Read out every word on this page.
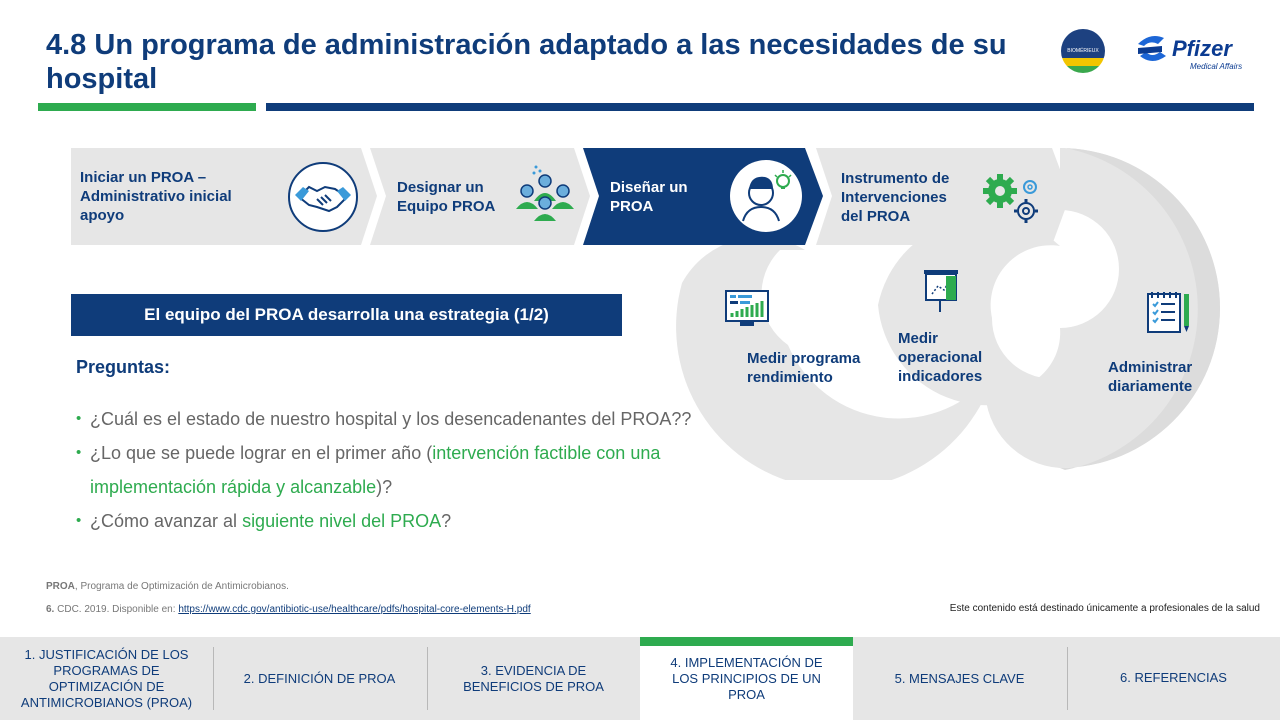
4.8 Un programa de administración adaptado a las necesidades de su hospital
BIOMÉRIEUX	Pfizer
Medical Affairs
Iniciar un PROA – Administrativo inicial apoyo
Designar un Equipo PROA
Diseñar un PROA
Instrumento de Intervenciones del PROA
Medir programa rendimiento
Medir operacional indicadores
Administrar diariamente
El equipo del PROA desarrolla una estrategia (1/2)
Preguntas:
• ¿Cuál es el estado de nuestro hospital y los desencadenantes del PROA??
• ¿Lo que se puede lograr en el primer año (intervención factible con una implementación rápida y alcanzable)?
• ¿Cómo avanzar al siguiente nivel del PROA?
PROA, Programa de Optimización de Antimicrobianos.
6. CDC. 2019. Disponible en: https://www.cdc.gov/antibiotic-use/healthcare/pdfs/hospital-core-elements-H.pdf	Este contenido está destinado únicamente a profesionales de la salud
1. JUSTIFICACIÓN DE LOS PROGRAMAS DE OPTIMIZACIÓN DE ANTIMICROBIANOS (PROA)
2. DEFINICIÓN DE PROA
3. EVIDENCIA DE BENEFICIOS DE PROA
4. IMPLEMENTACIÓN DE LOS PRINCIPIOS DE UN PROA
5. MENSAJES CLAVE	6. REFERENCIAS
